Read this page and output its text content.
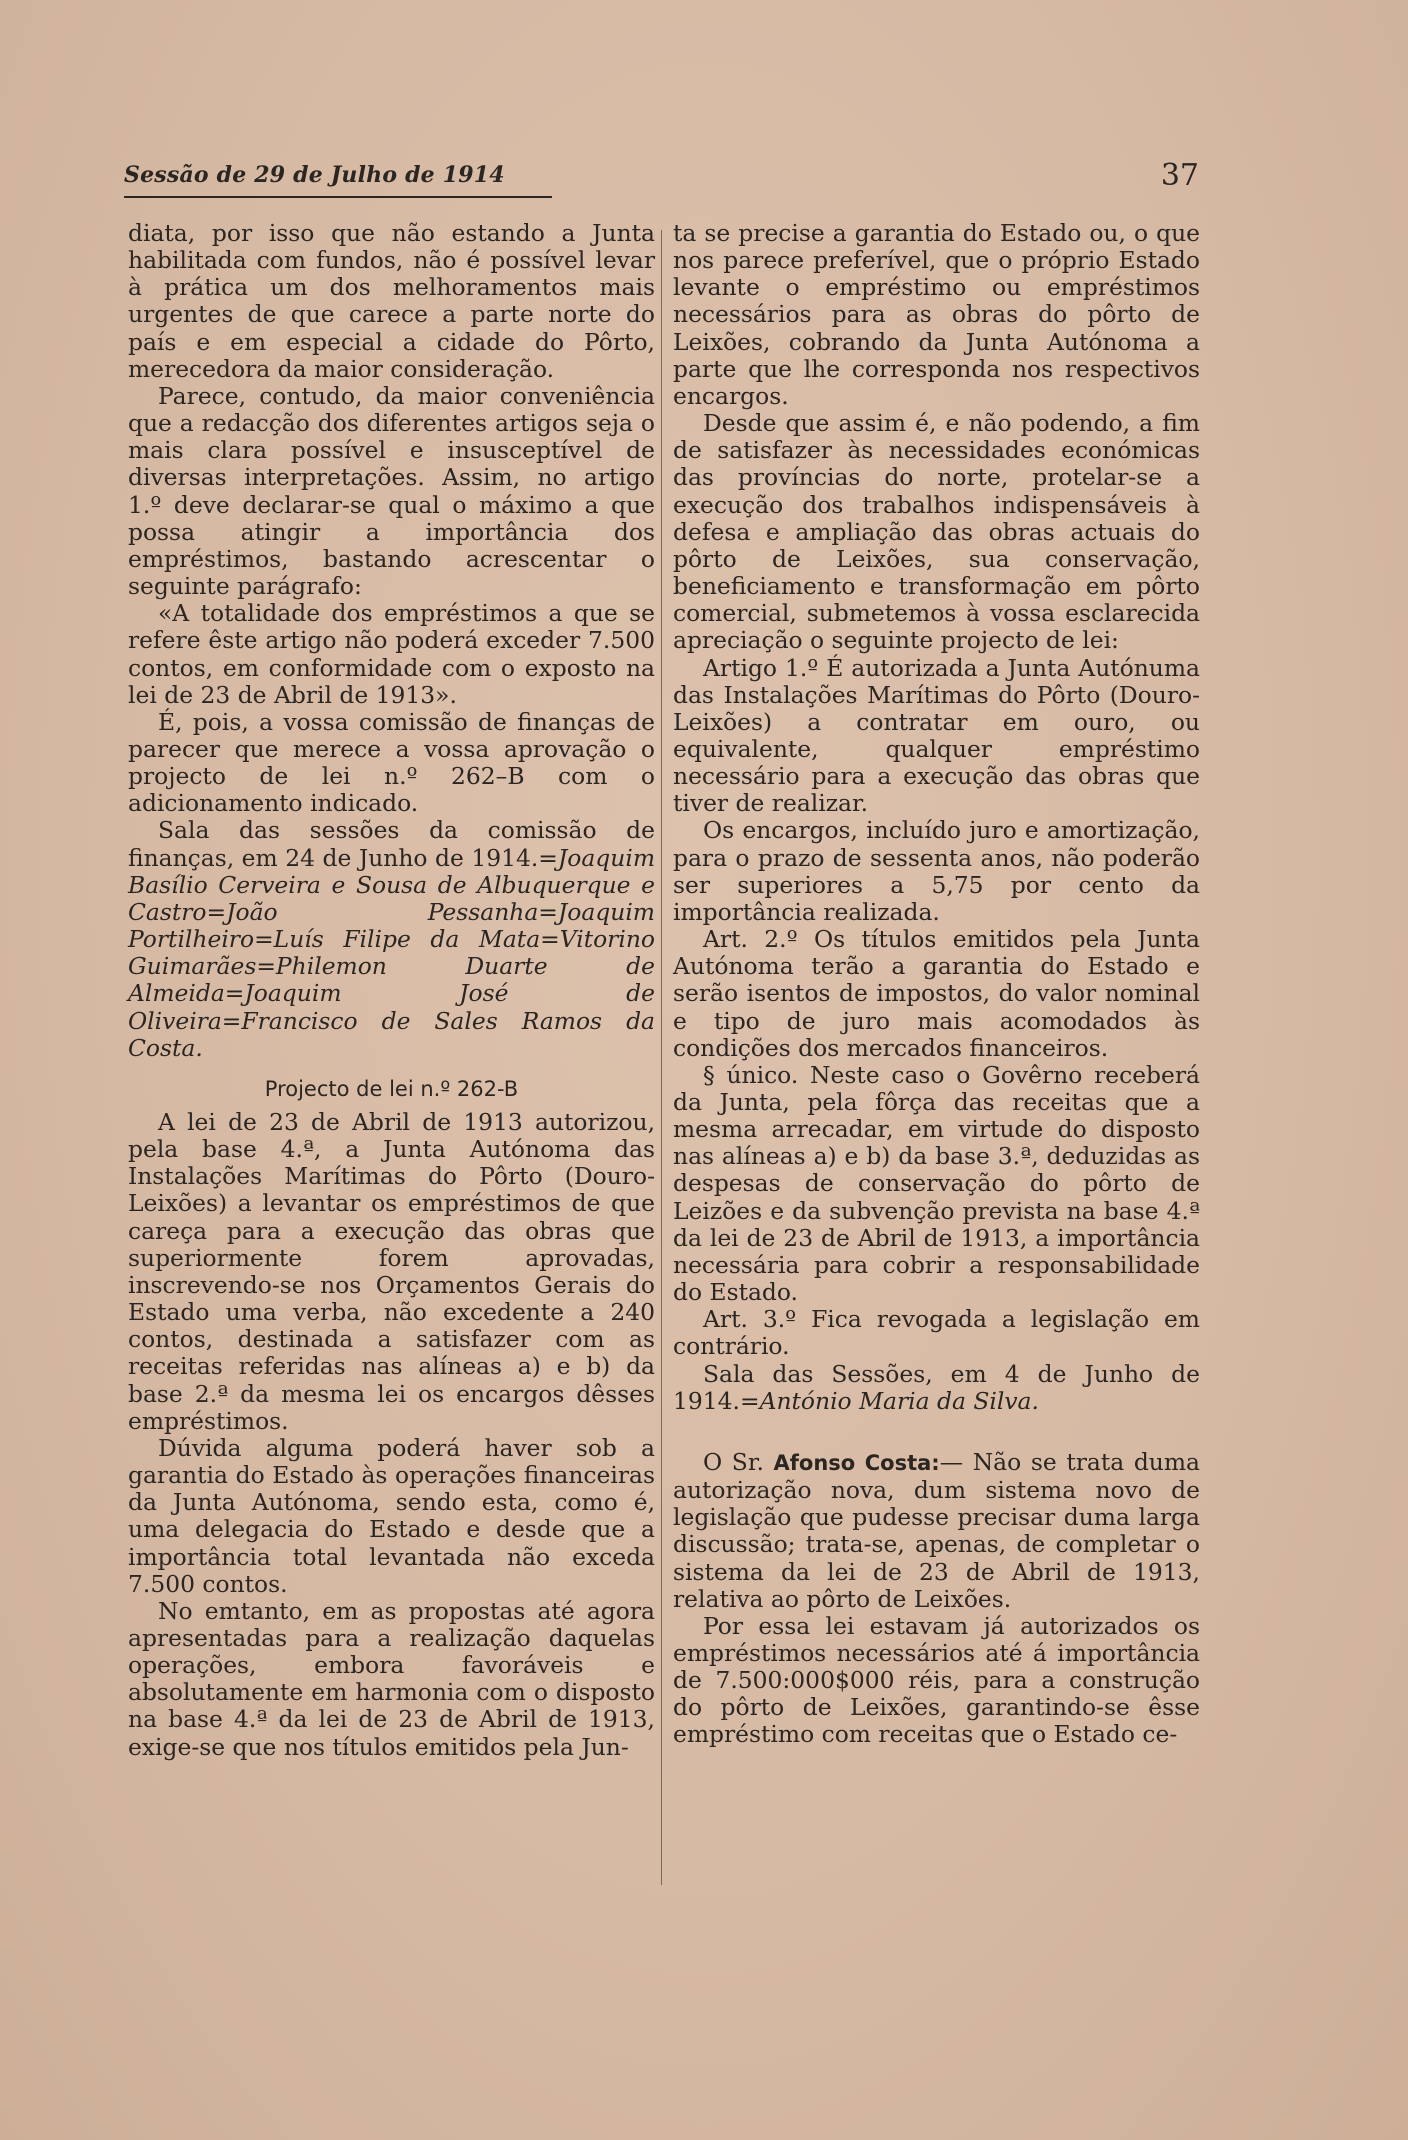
Sessão de 29 de Julho de 1914	37

diata, por isso que não estando a Junta habilitada com fundos, não é possível levar à prática um dos melhoramentos mais urgentes de que carece a parte norte do país e em especial a cidade do Pôrto, merecedora da maior consideração.

Parece, contudo, da maior conveniência que a redacção dos diferentes artigos seja o mais clara possível e insusceptível de diversas interpretações. Assim, no artigo 1.º deve declarar-se qual o máximo a que possa atingir a importância dos empréstimos, bastando acrescentar o seguinte parágrafo:

«A totalidade dos empréstimos a que se refere êste artigo não poderá exceder 7.500 contos, em conformidade com o exposto na lei de 23 de Abril de 1913».

É, pois, a vossa comissão de finanças de parecer que merece a vossa aprovação o projecto de lei n.º 262–B com o adicionamento indicado.

Sala das sessões da comissão de finanças, em 24 de Junho de 1914.=Joaquim Basílio Cerveira e Sousa de Albuquerque e Castro=João Pessanha=Joaquim Portilheiro=Luís Filipe da Mata=Vitorino Guimarães=Philemon Duarte de Almeida=Joaquim José de Oliveira=Francisco de Sales Ramos da Costa.

Projecto de lei n.º 262-B

A lei de 23 de Abril de 1913 autorizou, pela base 4.ª, a Junta Autónoma das Instalações Marítimas do Pôrto (Douro-Leixões) a levantar os empréstimos de que careça para a execução das obras que superiormente forem aprovadas, inscrevendo-se nos Orçamentos Gerais do Estado uma verba, não excedente a 240 contos, destinada a satisfazer com as receitas referidas nas alíneas a) e b) da base 2.ª da mesma lei os encargos dêsses empréstimos.

Dúvida alguma poderá haver sob a garantia do Estado às operações financeiras da Junta Autónoma, sendo esta, como é, uma delegacia do Estado e desde que a importância total levantada não exceda 7.500 contos.

No emtanto, em as propostas até agora apresentadas para a realização daquelas operações, embora favoráveis e absolutamente em harmonia com o disposto na base 4.ª da lei de 23 de Abril de 1913, exige-se que nos títulos emitidos pela Jun-

ta se precise a garantia do Estado ou, o que nos parece preferível, que o próprio Estado levante o empréstimo ou empréstimos necessários para as obras do pôrto de Leixões, cobrando da Junta Autónoma a parte que lhe corresponda nos respectivos encargos.

Desde que assim é, e não podendo, a fim de satisfazer às necessidades económicas das províncias do norte, protelar-se a execução dos trabalhos indispensáveis à defesa e ampliação das obras actuais do pôrto de Leixões, sua conservação, beneficiamento e transformação em pôrto comercial, submetemos à vossa esclarecida apreciação o seguinte projecto de lei:

Artigo 1.º É autorizada a Junta Autónuma das Instalações Marítimas do Pôrto (Douro-Leixões) a contratar em ouro, ou equivalente, qualquer empréstimo necessário para a execução das obras que tiver de realizar.

Os encargos, incluído juro e amortização, para o prazo de sessenta anos, não poderão ser superiores a 5,75 por cento da importância realizada.

Art. 2.º Os títulos emitidos pela Junta Autónoma terão a garantia do Estado e serão isentos de impostos, do valor nominal e tipo de juro mais acomodados às condições dos mercados financeiros.

§ único. Neste caso o Govêrno receberá da Junta, pela fôrça das receitas que a mesma arrecadar, em virtude do disposto nas alíneas a) e b) da base 3.ª, deduzidas as despesas de conservação do pôrto de Leizões e da subvenção prevista na base 4.ª da lei de 23 de Abril de 1913, a importância necessária para cobrir a responsabilidade do Estado.

Art. 3.º Fica revogada a legislação em contrário.

Sala das Sessões, em 4 de Junho de 1914.=António Maria da Silva.

O Sr. Afonso Costa:— Não se trata duma autorização nova, dum sistema novo de legislação que pudesse precisar duma larga discussão; trata-se, apenas, de completar o sistema da lei de 23 de Abril de 1913, relativa ao pôrto de Leixões.

Por essa lei estavam já autorizados os empréstimos necessários até á importância de 7.500:000$000 réis, para a construção do pôrto de Leixões, garantindo-se êsse empréstimo com receitas que o Estado ce-
